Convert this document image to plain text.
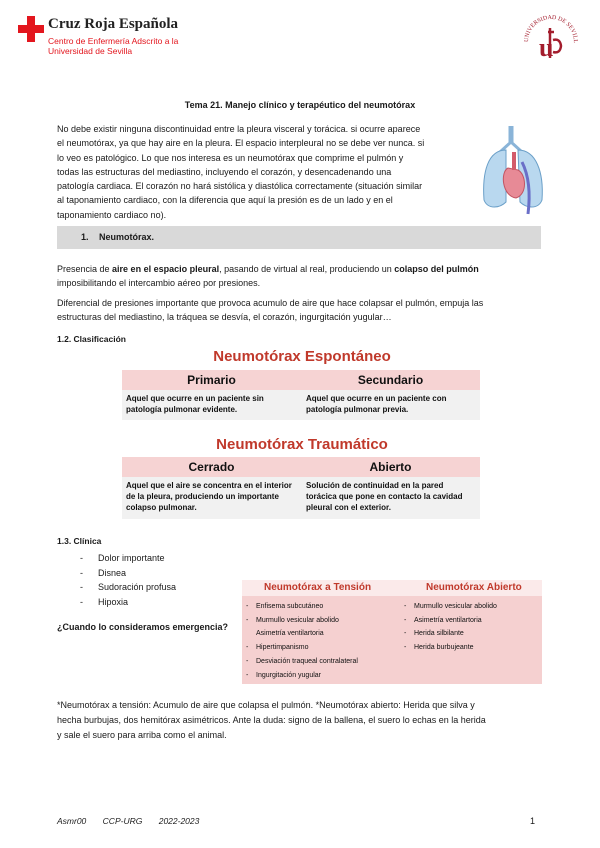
Cruz Roja Española
Centro de Enfermería Adscrito a la
Universidad de Sevilla
UNIVERSIDAD DE SEVILL
u
Tema 21. Manejo clínico y terapéutico del neumotórax
No debe existir ninguna discontinuidad entre la pleura visceral y torácica. si ocurre aparece
el neumotórax, ya que hay aire en la pleura. El espacio interpleural no se debe ver nunca. si
lo veo es patológico. Lo que nos interesa es un neumotórax que comprime el pulmón y
todas las estructuras del mediastino, incluyendo el corazón, y desencadenando una
patología cardiaca. El corazón no hará sistólica y diastólica correctamente (situación similar
al taponamiento cardiaco, con la diferencia que aquí la presión es de un lado y en el
taponamiento cardiaco no).
1. Neumotórax.
Presencia de aire en el espacio pleural, pasando de virtual al real, produciendo un colapso del pulmón
imposibilitando el intercambio aéreo por presiones.
Diferencial de presiones importante que provoca acumulo de aire que hace colapsar el pulmón, empuja las
estructuras del mediastino, la tráquea se desvía, el corazón, ingurgitación yugular…
1.2. Clasificación
Neumotórax Espontáneo
Primario	Secundario
Aquel que ocurre en un paciente sin patología pulmonar evidente.
Aquel que ocurre en un paciente con patología pulmonar previa.
Neumotórax Traumático
Cerrado	Abierto
Aquel que el aire se concentra en el interior de la pleura, produciendo un importante colapso pulmonar.
Solución de continuidad en la pared torácica que pone en contacto la cavidad pleural con el exterior.
1.3. Clínica
- Dolor importante
- Disnea
- Sudoración profusa
- Hipoxia
¿Cuando lo consideramos emergencia?
Neumotórax a Tensión	Neumotórax Abierto
- Enfisema subcutáneo
- Murmullo vesicular abolido
Asimetría ventilartoria
- Hipertimpanismo
- Desviación traqueal contralateral
- Ingurgitación yugular
- Murmullo vesicular abolido
- Asimetría ventilartoria
- Herida silbilante
- Herida burbujeante
*Neumotórax a tensión: Acumulo de aire que colapsa el pulmón. *Neumotórax abierto: Herida que silva y
hecha burbujas, dos hemitórax asimétricos. Ante la duda: signo de la ballena, el suero lo echas en la herida
y sale el suero para arriba como el animal.
Asmr00 CCP-URG 2022-2023	1
